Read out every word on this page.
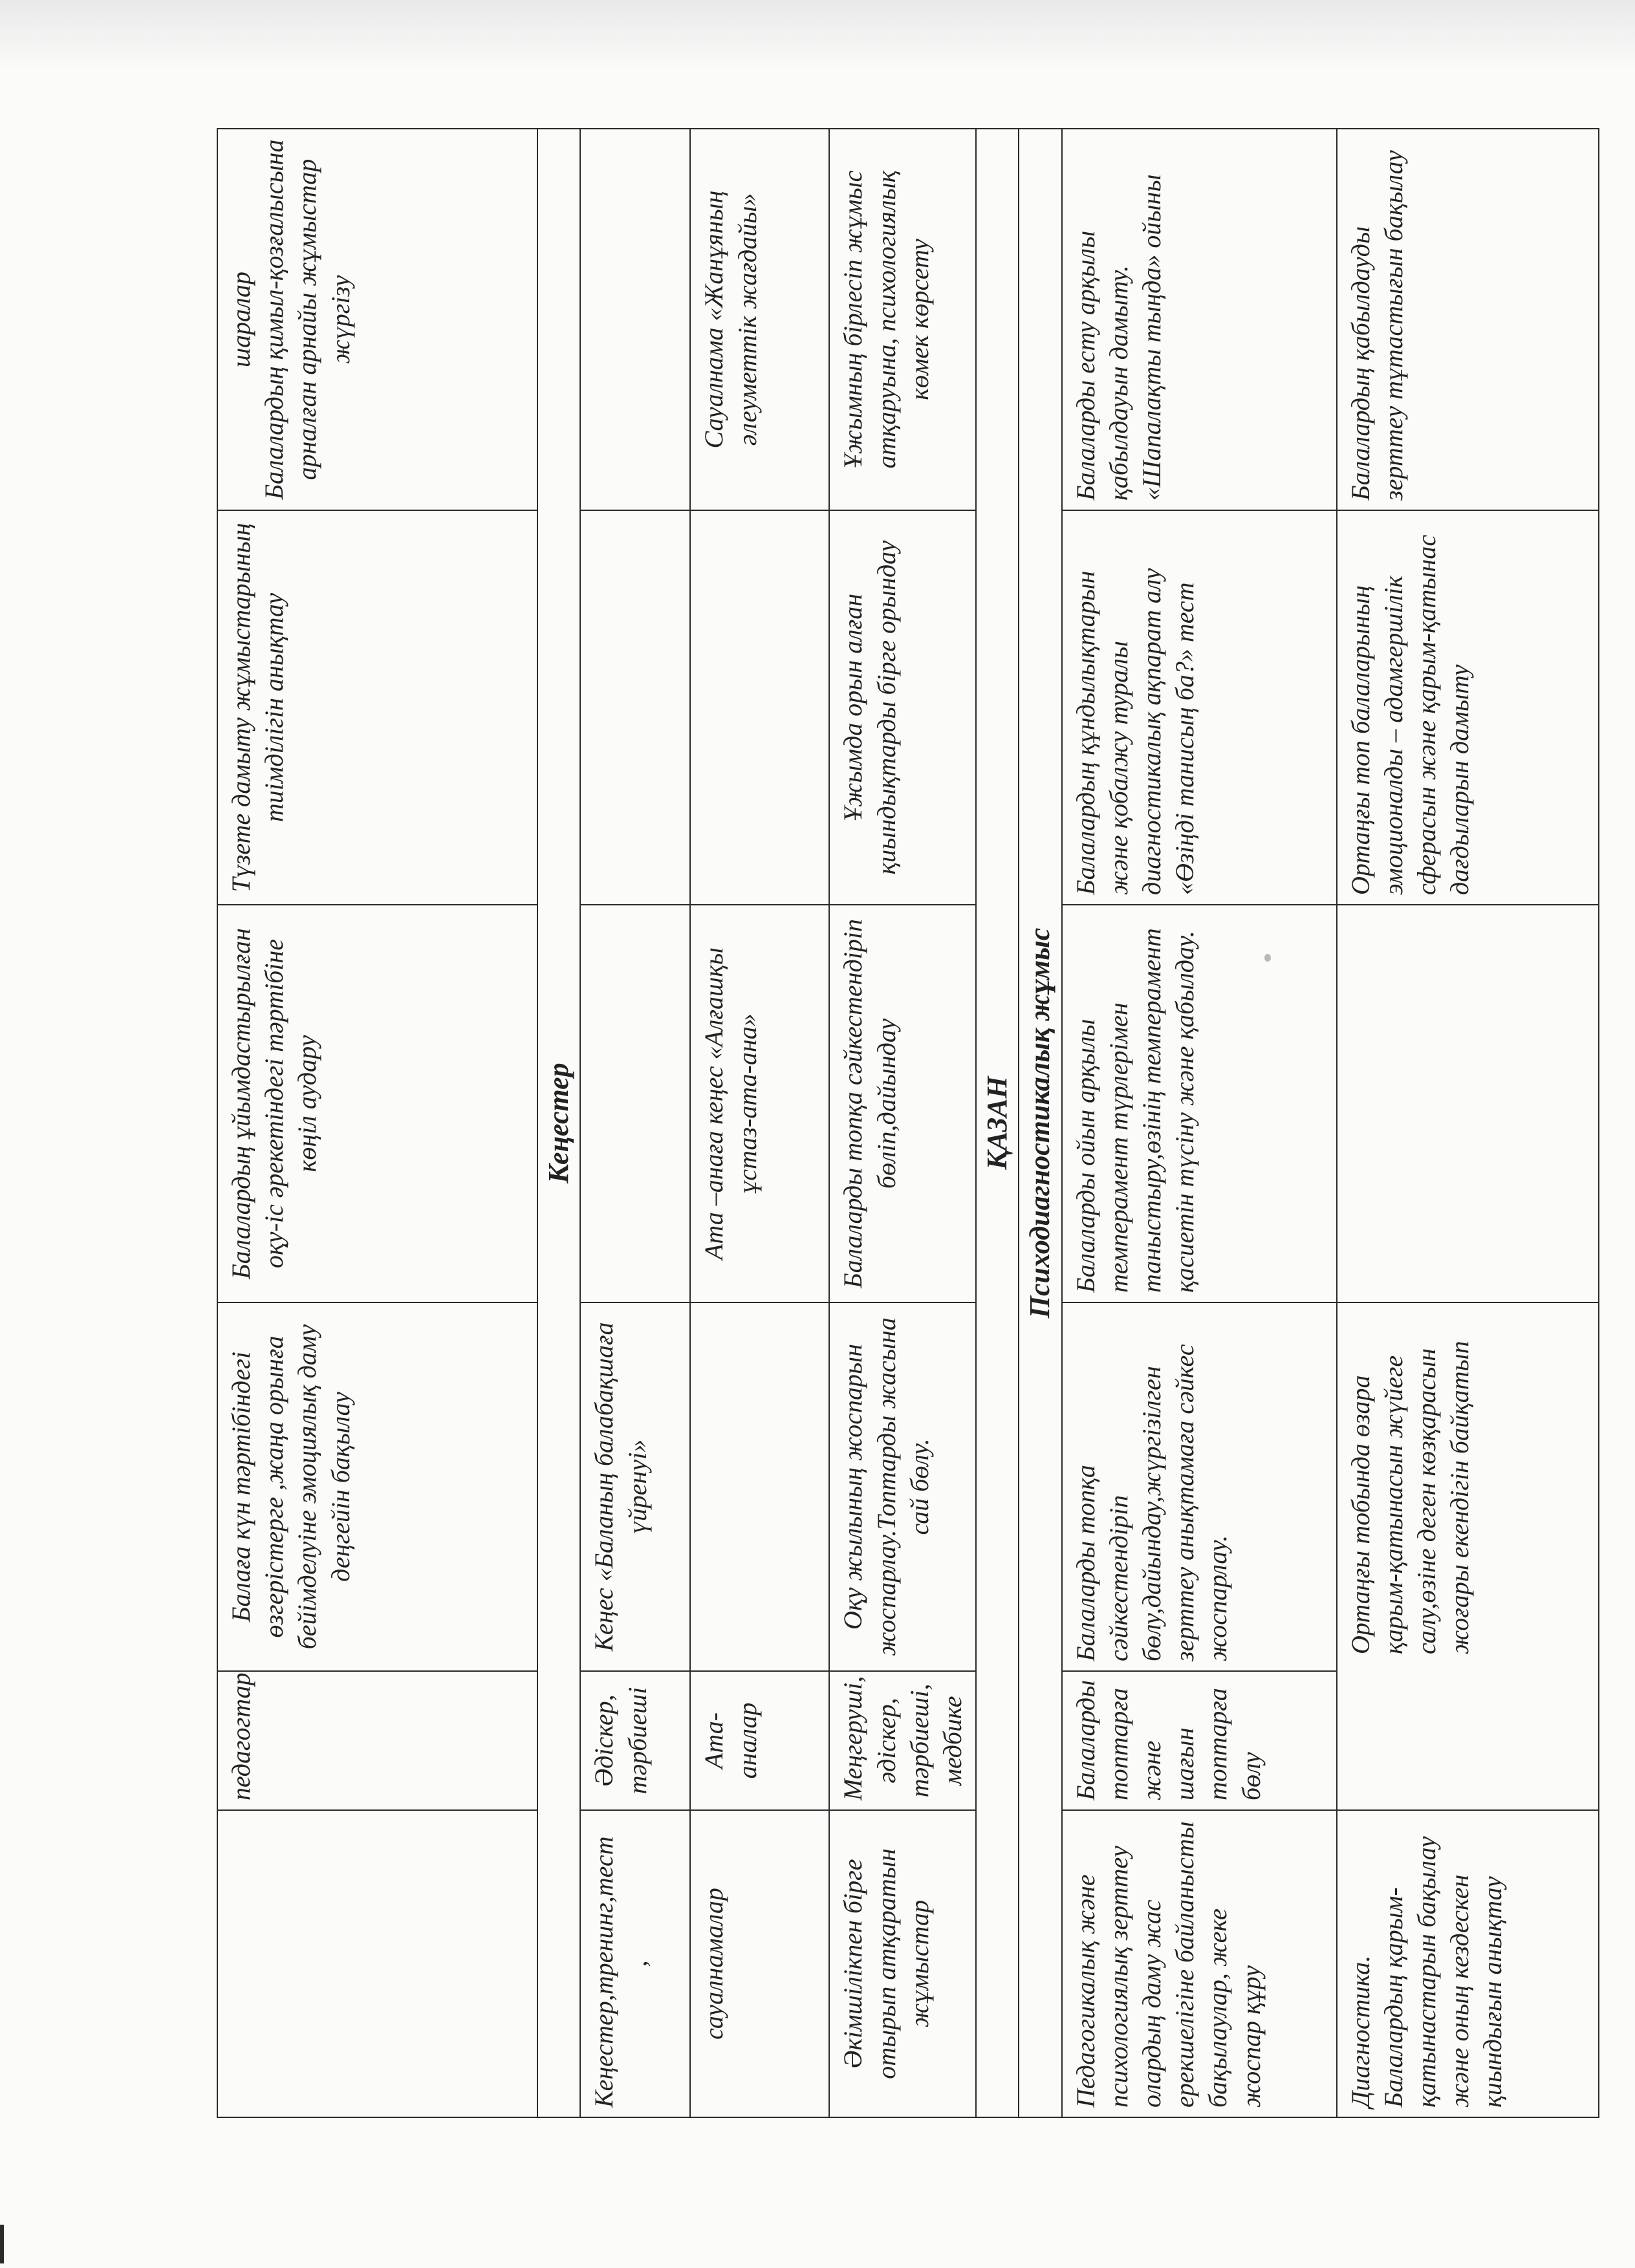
	педагогтар	Балаға күн тәртібіндегі өзгерістерге ,жаңа орынға бейімделуіне эмоциялық даму деңгейін бақылау	Балалардың ұйымдастырылған оқу-іс әрекетіндегі тәртібіне көңіл аудару	Түзете дамыту жұмыстарының тиімділігін анықтау	шаралар Балалардың қимыл-қозғалысына арналған арнайы жұмыстар жүргізу

Кеңестер					

Кеңестер,тренинг,тест ,	Әдіскер, тәрбиеші	Кеңес «Баланың балабақшаға үйренуі»			
сауалнамалар	Ата-аналар		Ата –анаға кеңес «Алғашқы ұстаз-ата-ана»		Сауалнама «Жанұяның әлеуметтік жағдайы»
Әкімшілікпен бірге отырып атқаратын жұмыстар	Меңгеруші, әдіскер, тәрбиеші, медбике	Оқу жылының жоспарын жоспарлау.Топтарды жасына сай бөлу.	Балаларды топқа сәйкестендіріп бөліп,дайындау	Ұжымда орын алған қиындықтарды бірге орындау	Ұжымның бірлесіп жұмыс атқаруына, психологиялық көмек көрсету
ҚАЗАН					
Психодиагностикалық жұмыс					
Педагогикалық және психологиялық зерттеу олардың даму жас ерекшелігіне байланысты бақылаулар, жеке жоспар құру	Балаларды топтарға және шағын топтарға бөлу	Балаларды топқа сәйкестендіріп бөлу,дайындау,жүргізілген зерттеу анықтамаға сәйкес жоспарлау.	Балаларды ойын арқылы темперамент түрлерімен таныстыру,өзінің темперамент қасиетін түсіну және қабылдау.	Балалардың құндылықтарын және қобалжу туралы диагностикалық ақпарат алу «Өзіңді таниcың ба?» тест	Балаларды есту арқылы қабылдауын дамыту. «Шапалақты тыңда» ойыны
Диагностика. Балалардың қарым-қатынастарын бақылау және оның кездескен қиындығын анықтау	Ортаңғы тобында өзара қарым-қатынасын жүйеге салу,өзіне деген көзқарасын жоғары екендігін байқатып			Ортаңғы топ балаларының эмоционалды – адамгершілік сферасын және қарым-қатынас дағдыларын дамыту	Балалардың қабылдауды зерттеу тұтастығын бақылау
